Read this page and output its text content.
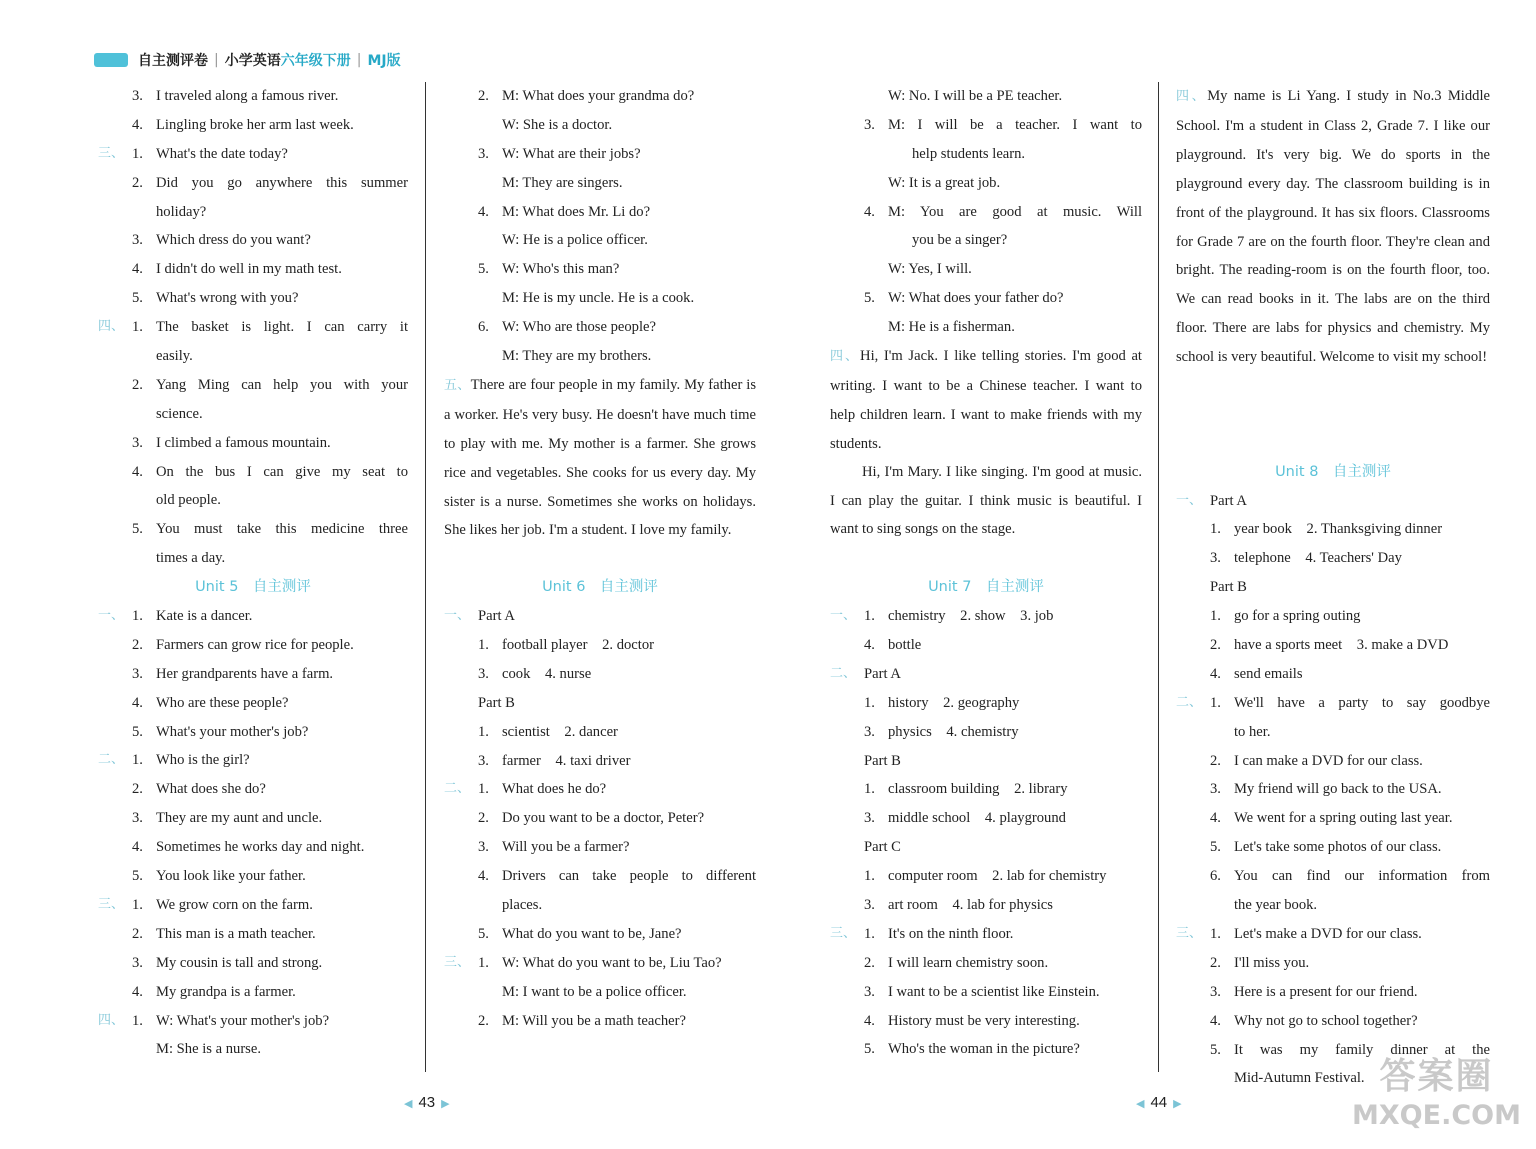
自主测评卷 | 小学英语 六年级下册 | MJ版
3. I traveled along a famous river.
4. Lingling broke her arm last week.
三、 1. What's the date today?
2. Did you go anywhere this summer
holiday?
3. Which dress do you want?
4. I didn't do well in my math test.
5. What's wrong with you?
四、 1. The basket is light. I can carry it
easily.
2. Yang Ming can help you with your
science.
3. I climbed a famous mountain.
4. On the bus I can give my seat to
old people.
5. You must take this medicine three
times a day.
Unit 5　自主测评
一、 1. Kate is a dancer.
2. Farmers can grow rice for people.
3. Her grandparents have a farm.
4. Who are these people?
5. What's your mother's job?
二、 1. Who is the girl?
2. What does she do?
3. They are my aunt and uncle.
4. Sometimes he works day and night.
5. You look like your father.
三、 1. We grow corn on the farm.
2. This man is a math teacher.
3. My cousin is tall and strong.
4. My grandpa is a farmer.
四、 1. W: What's your mother's job?
M: She is a nurse.
2. M: What does your grandma do?
W: She is a doctor.
3. W: What are their jobs?
M: They are singers.
4. M: What does Mr. Li do?
W: He is a police officer.
5. W: Who's this man?
M: He is my uncle. He is a cook.
6. W: Who are those people?
M: They are my brothers.
五、There are four people in my family. My father is a worker. He's very busy. He doesn't have much time to play with me. My mother is a farmer. She grows rice and vegetables. She cooks for us every day. My sister is a nurse. Sometimes she works on holidays. She likes her job. I'm a student. I love my family.
Unit 6　自主测评
一、 Part A
1. football player　2. doctor
3. cook　4. nurse
Part B
1. scientist　2. dancer
3. farmer　4. taxi driver
二、 1. What does he do?
2. Do you want to be a doctor, Peter?
3. Will you be a farmer?
4. Drivers can take people to different
places.
5. What do you want to be, Jane?
三、 1. W: What do you want to be, Liu Tao?
M: I want to be a police officer.
2. M: Will you be a math teacher?
W: No. I will be a PE teacher.
3. M: I will be a teacher. I want to
help students learn.
W: It is a great job.
4. M: You are good at music. Will
you be a singer?
W: Yes, I will.
5. W: What does your father do?
M: He is a fisherman.
四、Hi, I'm Jack. I like telling stories. I'm good at writing. I want to be a Chinese teacher. I want to help children learn. I want to make friends with my students.
Hi, I'm Mary. I like singing. I'm good at music. I can play the guitar. I think music is beautiful. I want to sing songs on the stage.
Unit 7　自主测评
一、 1. chemistry　2. show　3. job
4. bottle
二、 Part A
1. history　2. geography
3. physics　4. chemistry
Part B
1. classroom building　2. library
3. middle school　4. playground
Part C
1. computer room　2. lab for chemistry
3. art room　4. lab for physics
三、 1. It's on the ninth floor.
2. I will learn chemistry soon.
3. I want to be a scientist like Einstein.
4. History must be very interesting.
5. Who's the woman in the picture?
四、My name is Li Yang. I study in No.3 Middle School. I'm a student in Class 2, Grade 7. I like our playground. It's very big. We do sports in the playground every day. The classroom building is in front of the playground. It has six floors. Classrooms for Grade 7 are on the fourth floor. They're clean and bright. The reading-room is on the fourth floor, too. We can read books in it. The labs are on the third floor. There are labs for physics and chemistry. My school is very beautiful. Welcome to visit my school!
Unit 8　自主测评
一、 Part A
1. year book　2. Thanksgiving dinner
3. telephone　4. Teachers' Day
Part B
1. go for a spring outing
2. have a sports meet　3. make a DVD
4. send emails
二、 1. We'll have a party to say goodbye
to her.
2. I can make a DVD for our class.
3. My friend will go back to the USA.
4. We went for a spring outing last year.
5. Let's take some photos of our class.
6. You can find our information from
the year book.
三、 1. Let's make a DVD for our class.
2. I'll miss you.
3. Here is a present for our friend.
4. Why not go to school together?
5. It was my family dinner at the
Mid-Autumn Festival.
◀ 43 ▶	◀ 44 ▶
答案圈
MXQE.COM
